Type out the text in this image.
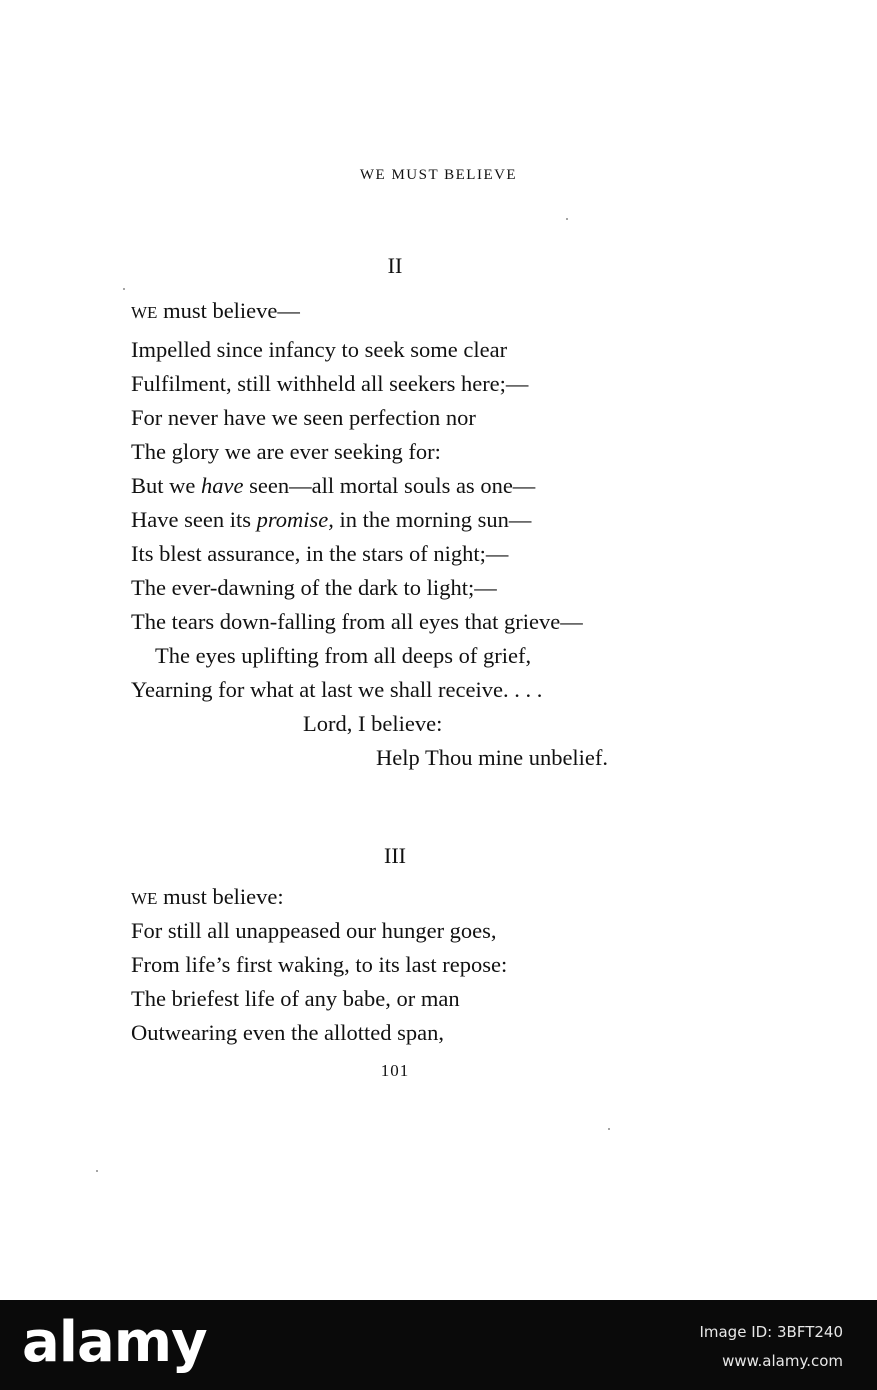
WE MUST BELIEVE
II
WE must believe—
Impelled since infancy to seek some clear
Fulfilment, still withheld all seekers here;—
For never have we seen perfection nor
The glory we are ever seeking for:
But we have seen—all mortal souls as one—
Have seen its promise, in the morning sun—
Its blest assurance, in the stars of night;—
The ever-dawning of the dark to light;—
The tears down-falling from all eyes that grieve—
The eyes uplifting from all deeps of grief,
Yearning for what at last we shall receive. . . .
Lord, I believe:
Help Thou mine unbelief.
III
WE must believe:
For still all unappeased our hunger goes,
From life’s first waking, to its last repose:
The briefest life of any babe, or man
Outwearing even the allotted span,
101
alamy	Image ID: 3BFT240
www.alamy.com
